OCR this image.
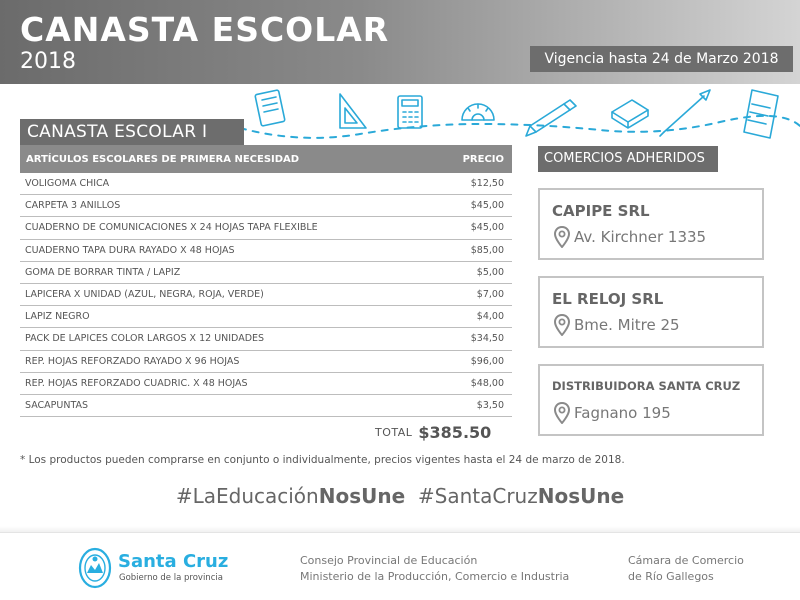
CANASTA ESCOLAR
2018	Vigencia hasta 24 de Marzo 2018
CANASTA ESCOLAR I
ARTÍCULOS ESCOLARES DE PRIMERA NECESIDAD	PRECIO
VOLIGOMA CHICA	$12,50
CARPETA 3 ANILLOS	$45,00
CUADERNO DE COMUNICACIONES X 24 HOJAS TAPA FLEXIBLE	$45,00
CUADERNO TAPA DURA RAYADO X 48 HOJAS	$85,00
GOMA DE BORRAR TINTA / LAPIZ	$5,00
LAPICERA X UNIDAD (AZUL, NEGRA, ROJA, VERDE)	$7,00
LAPIZ NEGRO	$4,00
PACK DE LAPICES COLOR LARGOS X 12 UNIDADES	$34,50
REP. HOJAS REFORZADO RAYADO X 96 HOJAS	$96,00
REP. HOJAS REFORZADO CUADRIC. X 48 HOJAS	$48,00
SACAPUNTAS	$3,50
TOTAL $385.50
COMERCIOS ADHERIDOS
CAPIPE SRL
Av. Kirchner 1335
EL RELOJ SRL
Bme. Mitre 25
DISTRIBUIDORA SANTA CRUZ
Fagnano 195
* Los productos pueden comprarse en conjunto o individualmente, precios vigentes hasta el 24 de marzo de 2018.
#LaEducaciónNosUne #SantaCruzNosUne
Santa Cruz
Gobierno de la provincia
Consejo Provincial de Educación
Ministerio de la Producción, Comercio e Industria
Cámara de Comercio
de Río Gallegos
